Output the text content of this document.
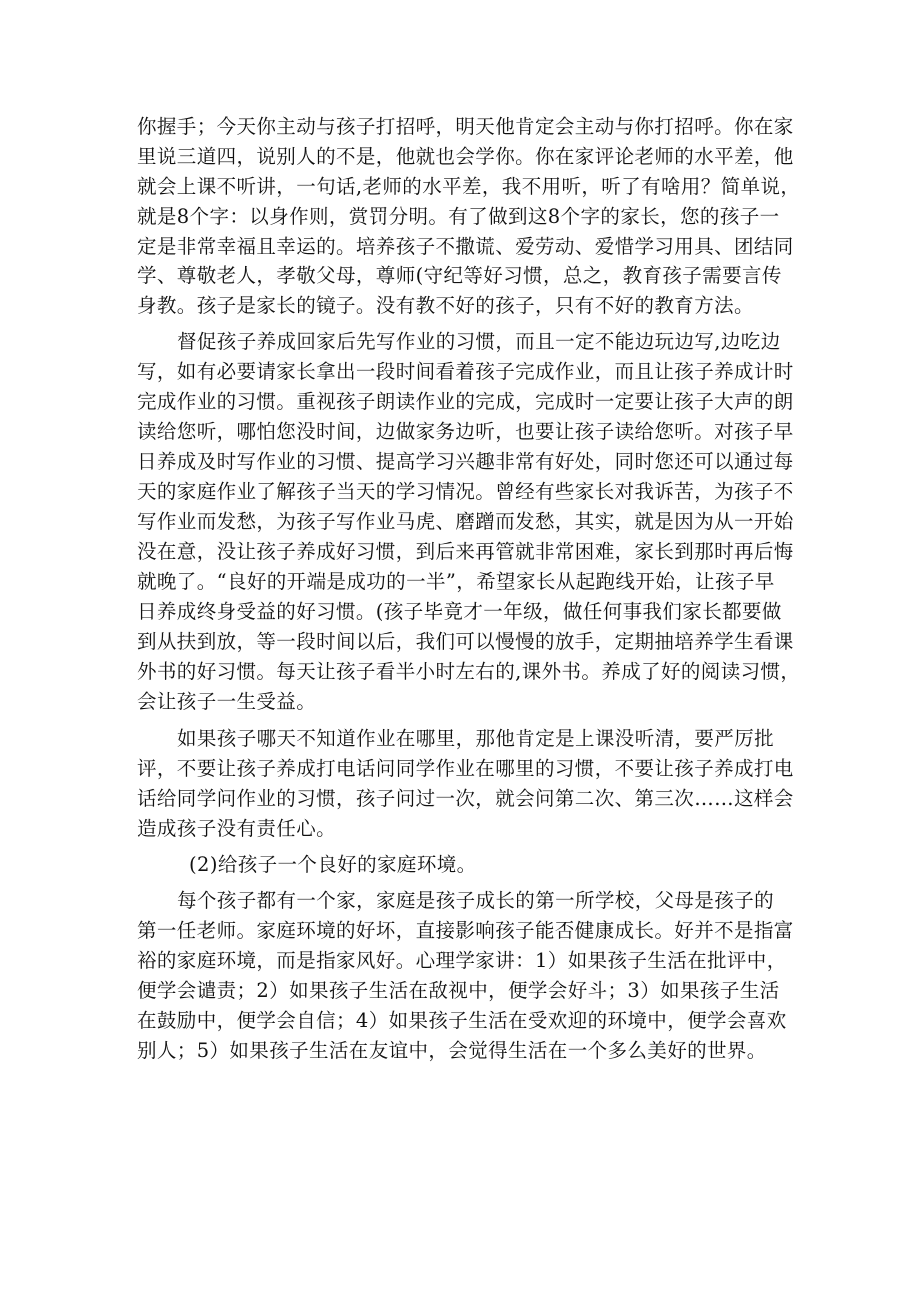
你握手；今天你主动与孩子打招呼，明天他肯定会主动与你打招呼。你在家
里说三道四，说别人的不是，他就也会学你。你在家评论老师的水平差，他
就会上课不听讲，一句话,老师的水平差，我不用听，听了有啥用？简单说，
就是8个字：以身作则，赏罚分明。有了做到这8个字的家长，您的孩子一
定是非常幸福且幸运的。培养孩子不撒谎、爱劳动、爱惜学习用具、团结同
学、尊敬老人，孝敬父母，尊师(守纪等好习惯，总之，教育孩子需要言传
身教。孩子是家长的镜子。没有教不好的孩子，只有不好的教育方法。
督促孩子养成回家后先写作业的习惯，而且一定不能边玩边写,边吃边
写，如有必要请家长拿出一段时间看着孩子完成作业，而且让孩子养成计时
完成作业的习惯。重视孩子朗读作业的完成，完成时一定要让孩子大声的朗
读给您听，哪怕您没时间，边做家务边听，也要让孩子读给您听。对孩子早
日养成及时写作业的习惯、提高学习兴趣非常有好处，同时您还可以通过每
天的家庭作业了解孩子当天的学习情况。曾经有些家长对我诉苦，为孩子不
写作业而发愁，为孩子写作业马虎、磨蹭而发愁，其实，就是因为从一开始
没在意，没让孩子养成好习惯，到后来再管就非常困难，家长到那时再后悔
就晚了。“良好的开端是成功的一半”，希望家长从起跑线开始，让孩子早
日养成终身受益的好习惯。(孩子毕竟才一年级，做任何事我们家长都要做
到从扶到放，等一段时间以后，我们可以慢慢的放手，定期抽培养学生看课
外书的好习惯。每天让孩子看半小时左右的,课外书。养成了好的阅读习惯，
会让孩子一生受益。
如果孩子哪天不知道作业在哪里，那他肯定是上课没听清，要严厉批
评，不要让孩子养成打电话问同学作业在哪里的习惯，不要让孩子养成打电
话给同学问作业的习惯，孩子问过一次，就会问第二次、第三次……这样会
造成孩子没有责任心。
(2)给孩子一个良好的家庭环境。
每个孩子都有一个家，家庭是孩子成长的第一所学校，父母是孩子的
第一任老师。家庭环境的好坏，直接影响孩子能否健康成长。好并不是指富
裕的家庭环境，而是指家风好。心理学家讲：1）如果孩子生活在批评中，
便学会谴责；2）如果孩子生活在敌视中，便学会好斗；3）如果孩子生活
在鼓励中，便学会自信；4）如果孩子生活在受欢迎的环境中，便学会喜欢
别人；5）如果孩子生活在友谊中，会觉得生活在一个多么美好的世界。
